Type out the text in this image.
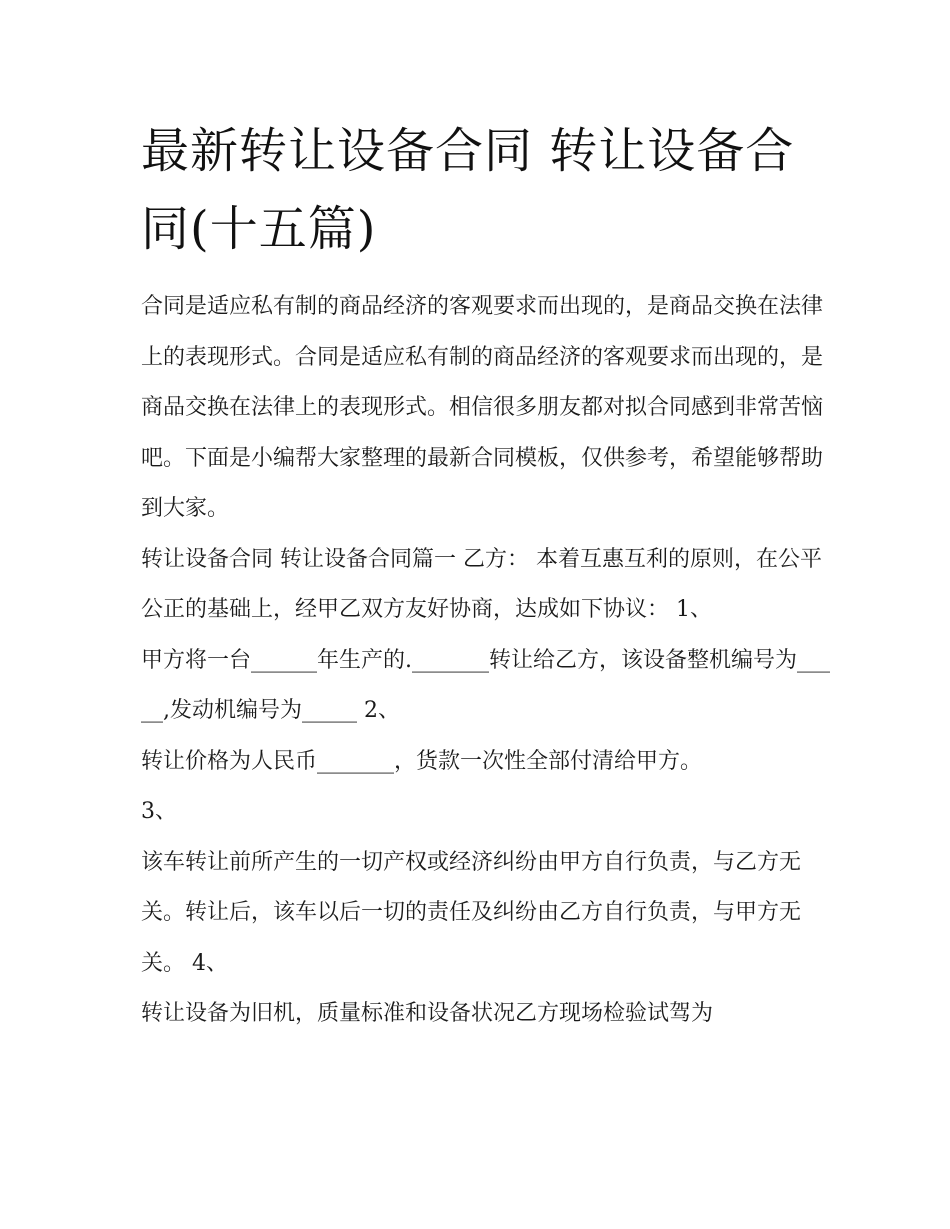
最新转让设备合同 转让设备合同(十五篇)

合同是适应私有制的商品经济的客观要求而出现的，是商品交换在法律上的表现形式。合同是适应私有制的商品经济的客观要求而出现的，是商品交换在法律上的表现形式。相信很多朋友都对拟合同感到非常苦恼吧。下面是小编帮大家整理的最新合同模板，仅供参考，希望能够帮助到大家。

转让设备合同 转让设备合同篇一 乙方： 本着互惠互利的原则，在公平公正的基础上，经甲乙双方友好协商，达成如下协议： 1、

甲方将一台______年生产的._______转让给乙方，该设备整机编号为_____,发动机编号为_____ 2、

转让价格为人民币_______，货款一次性全部付清给甲方。

3、

该车转让前所产生的一切产权或经济纠纷由甲方自行负责，与乙方无关。转让后，该车以后一切的责任及纠纷由乙方自行负责，与甲方无关。 4、

转让设备为旧机，质量标准和设备状况乙方现场检验试驾为
